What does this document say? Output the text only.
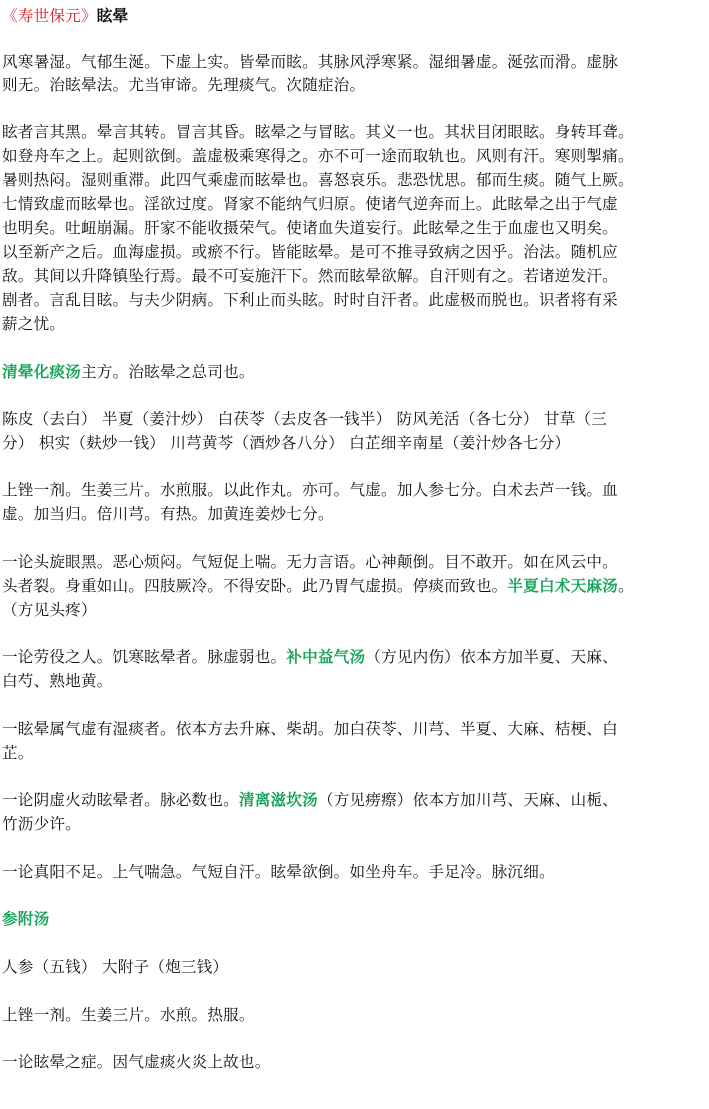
《寿世保元》眩晕

风寒暑湿。气郁生涎。下虚上实。皆晕而眩。其脉风浮寒紧。湿细暑虚。涎弦而滑。虚脉

则无。治眩晕法。尤当审谛。先理痰气。次随症治。

眩者言其黑。晕言其转。冒言其昏。眩晕之与冒眩。其义一也。其状目闭眼眩。身转耳聋。

如登舟车之上。起则欲倒。盖虚极乘寒得之。亦不可一途而取轨也。风则有汗。寒则掣痛。

暑则热闷。湿则重滞。此四气乘虚而眩晕也。喜怒哀乐。悲恐忧思。郁而生痰。随气上厥。

七情致虚而眩晕也。淫欲过度。肾家不能纳气归原。使诸气逆奔而上。此眩晕之出于气虚

也明矣。吐衄崩漏。肝家不能收摄荣气。使诸血失道妄行。此眩晕之生于血虚也又明矣。

以至新产之后。血海虚损。或瘀不行。皆能眩晕。是可不推寻致病之因乎。治法。随机应

敌。其间以升降镇坠行焉。最不可妄施汗下。然而眩晕欲解。自汗则有之。若诸逆发汗。

剧者。言乱目眩。与夫少阴病。下利止而头眩。时时自汗者。此虚极而脱也。识者将有采

薪之忧。

清晕化痰汤主方。治眩晕之总司也。

陈皮（去白） 半夏（姜汁炒） 白茯苓（去皮各一钱半） 防风羌活（各七分） 甘草（三

分） 枳实（麸炒一钱） 川芎黄芩（酒炒各八分） 白芷细辛南星（姜汁炒各七分）

上锉一剂。生姜三片。水煎服。以此作丸。亦可。气虚。加人参七分。白术去芦一钱。血

虚。加当归。倍川芎。有热。加黄连姜炒七分。

一论头旋眼黑。恶心烦闷。气短促上喘。无力言语。心神颠倒。目不敢开。如在风云中。

头者裂。身重如山。四肢厥冷。不得安卧。此乃胃气虚损。停痰而致也。半夏白术天麻汤。

（方见头疼）

一论劳役之人。饥寒眩晕者。脉虚弱也。补中益气汤（方见内伤）依本方加半夏、天麻、

白芍、熟地黄。

一眩晕属气虚有湿痰者。依本方去升麻、柴胡。加白茯苓、川芎、半夏、大麻、桔梗、白

芷。

一论阴虚火动眩晕者。脉必数也。清离滋坎汤（方见痨瘵）依本方加川芎、天麻、山栀、

竹沥少许。

一论真阳不足。上气喘急。气短自汗。眩晕欲倒。如坐舟车。手足冷。脉沉细。

参附汤

人参（五钱） 大附子（炮三钱）

上锉一剂。生姜三片。水煎。热服。

一论眩晕之症。因气虚痰火炎上故也。
